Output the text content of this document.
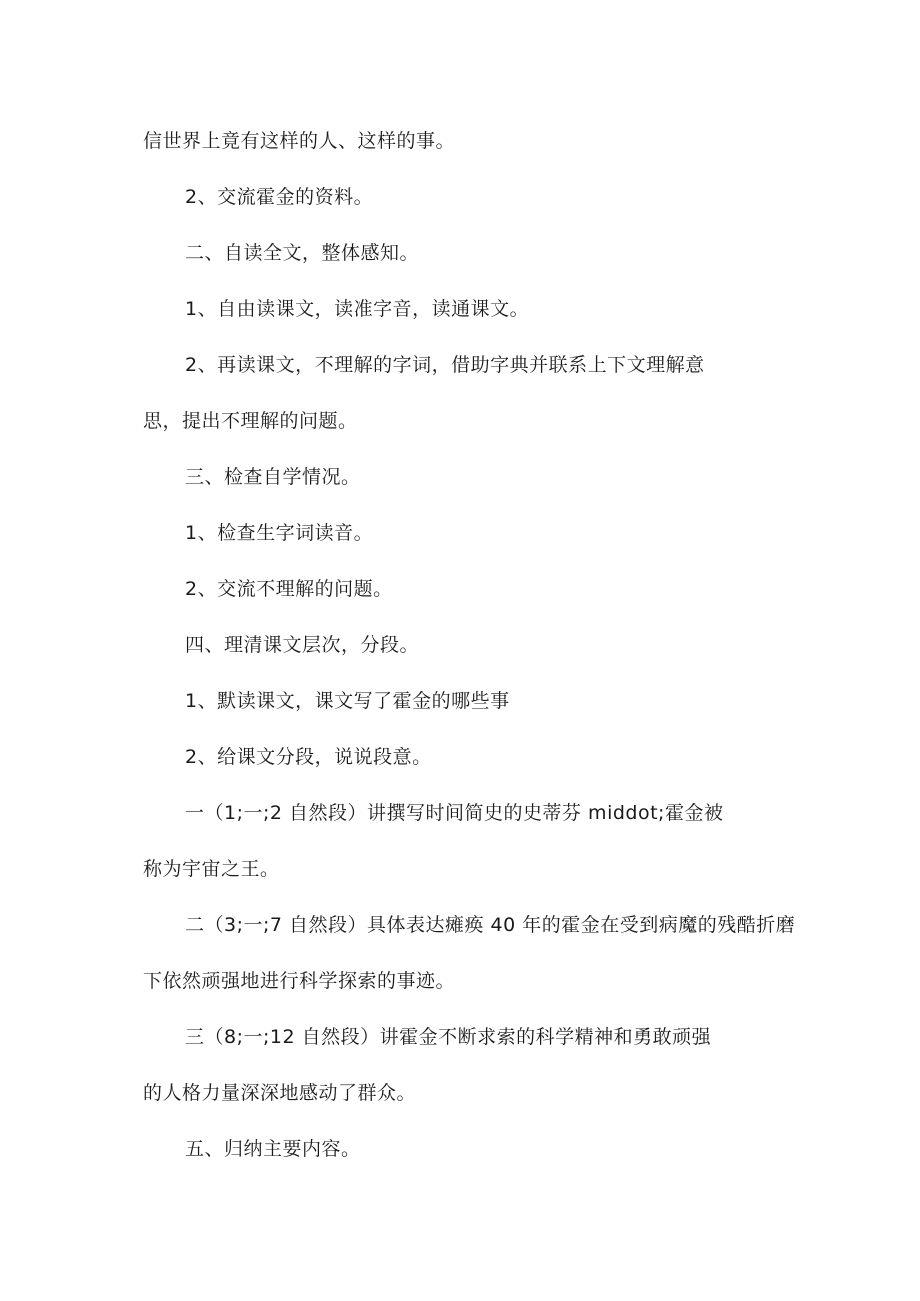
信世界上竟有这样的人、这样的事。
2、交流霍金的资料。
二、自读全文，整体感知。
1、自由读课文，读准字音，读通课文。
2、再读课文，不理解的字词，借助字典并联系上下文理解意
思，提出不理解的问题。
三、检查自学情况。
1、检查生字词读音。
2、交流不理解的问题。
四、理清课文层次，分段。
1、默读课文，课文写了霍金的哪些事
2、给课文分段，说说段意。
一（1;一;2 自然段）讲撰写时间简史的史蒂芬 middot;霍金被
称为宇宙之王。
二（3;一;7 自然段）具体表达瘫痪 40 年的霍金在受到病魔的残酷折磨
下依然顽强地进行科学探索的事迹。
三（8;一;12 自然段）讲霍金不断求索的科学精神和勇敢顽强
的人格力量深深地感动了群众。
五、归纳主要内容。
